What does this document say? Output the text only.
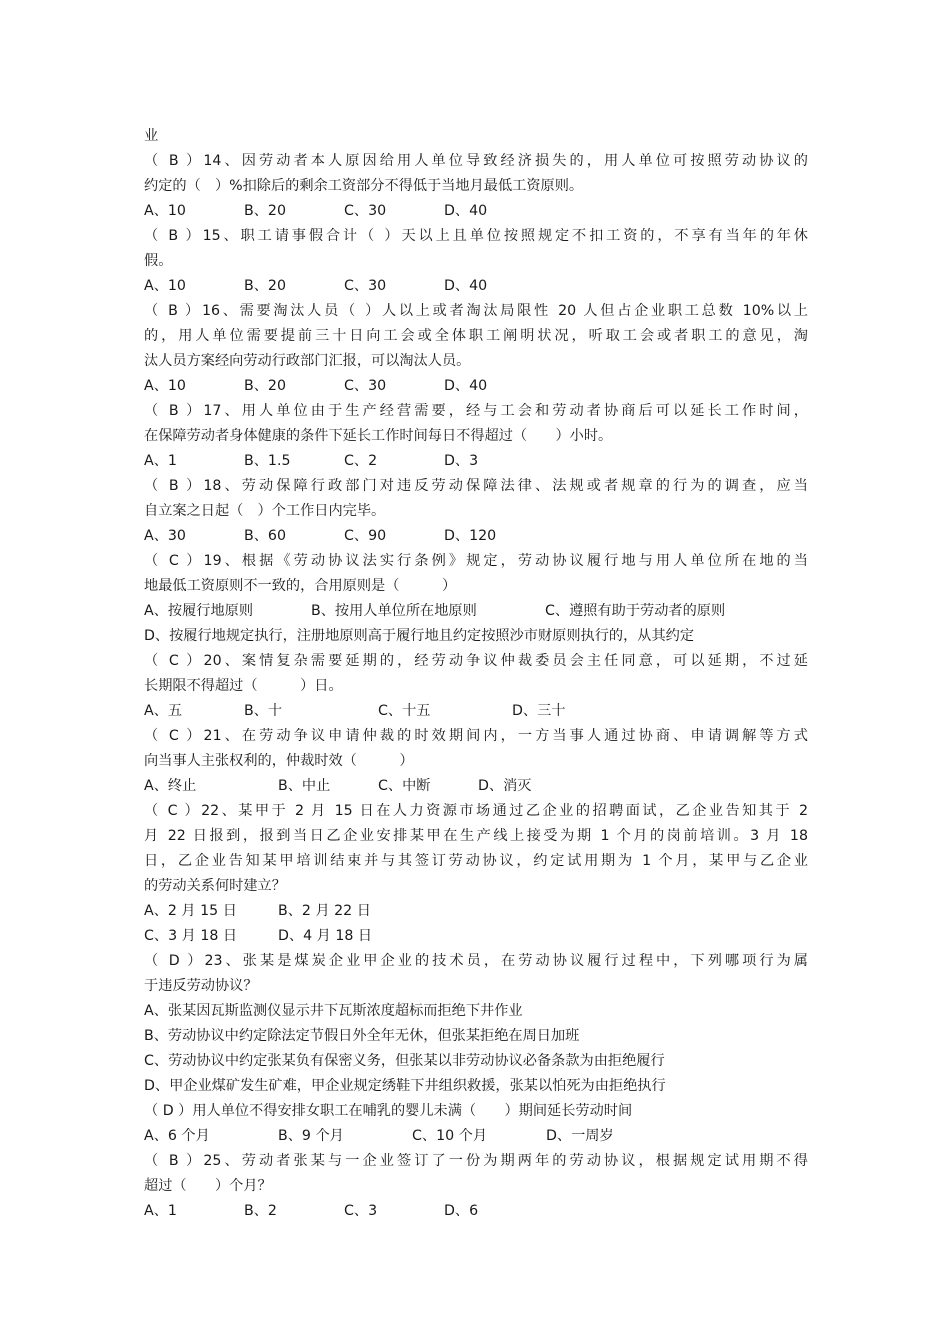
业
（ B ）14、因劳动者本人原因给用人单位导致经济损失的，用人单位可按照劳动协议的
约定的（　）%扣除后的剩余工资部分不得低于当地月最低工资原则。
A、10	B、20	C、30	D、40
（ B ）15、职工请事假合计（ ）天以上且单位按照规定不扣工资的，不享有当年的年休
假。
A、10	B、20	C、30	D、40
（ B ）16、需要淘汰人员（ ）人以上或者淘汰局限性 20 人但占企业职工总数 10%以上
的，用人单位需要提前三十日向工会或全体职工阐明状况，听取工会或者职工的意见，淘
汰人员方案经向劳动行政部门汇报，可以淘汰人员。
A、10	B、20	C、30	D、40
（ B ）17、用人单位由于生产经营需要，经与工会和劳动者协商后可以延长工作时间，
在保障劳动者身体健康的条件下延长工作时间每日不得超过（　　）小时。
A、1	B、1.5	C、2	D、3
（ B ）18、劳动保障行政部门对违反劳动保障法律、法规或者规章的行为的调查，应当
自立案之日起（　）个工作日内完毕。
A、30	B、60	C、90	D、120
（ C ）19、根据《劳动协议法实行条例》规定，劳动协议履行地与用人单位所在地的当
地最低工资原则不一致的，合用原则是（　　　）
A、按履行地原则	B、按用人单位所在地原则	C、遵照有助于劳动者的原则
D、按履行地规定执行，注册地原则高于履行地且约定按照沙市财原则执行的，从其约定
（ C ）20、案情复杂需要延期的，经劳动争议仲裁委员会主任同意，可以延期，不过延
长期限不得超过（　　　）日。
A、五	B、十	C、十五	D、三十
（ C ）21、在劳动争议申请仲裁的时效期间内，一方当事人通过协商、申请调解等方式
向当事人主张权利的，仲裁时效（　　　）
A、终止	B、中止	C、中断	D、消灭
（ C ）22、某甲于 2 月 15 日在人力资源市场通过乙企业的招聘面试，乙企业告知其于 2
月 22 日报到，报到当日乙企业安排某甲在生产线上接受为期 1 个月的岗前培训。3 月 18
日，乙企业告知某甲培训结束并与其签订劳动协议，约定试用期为 1 个月，某甲与乙企业
的劳动关系何时建立？
A、2 月 15 日	B、2 月 22 日
C、3 月 18 日	D、4 月 18 日
（ D ）23、张某是煤炭企业甲企业的技术员，在劳动协议履行过程中，下列哪项行为属
于违反劳动协议？
A、张某因瓦斯监测仪显示井下瓦斯浓度超标而拒绝下井作业
B、劳动协议中约定除法定节假日外全年无休，但张某拒绝在周日加班
C、劳动协议中约定张某负有保密义务，但张某以非劳动协议必备条款为由拒绝履行
D、甲企业煤矿发生矿难，甲企业规定绣鞋下井组织救援，张某以怕死为由拒绝执行
（ D ）用人单位不得安排女职工在哺乳的婴儿未满（　　）期间延长劳动时间
A、6 个月	B、9 个月	C、10 个月	D、一周岁
（ B ）25、劳动者张某与一企业签订了一份为期两年的劳动协议，根据规定试用期不得
超过（　　）个月？
A、1	B、2	C、3	D、6
